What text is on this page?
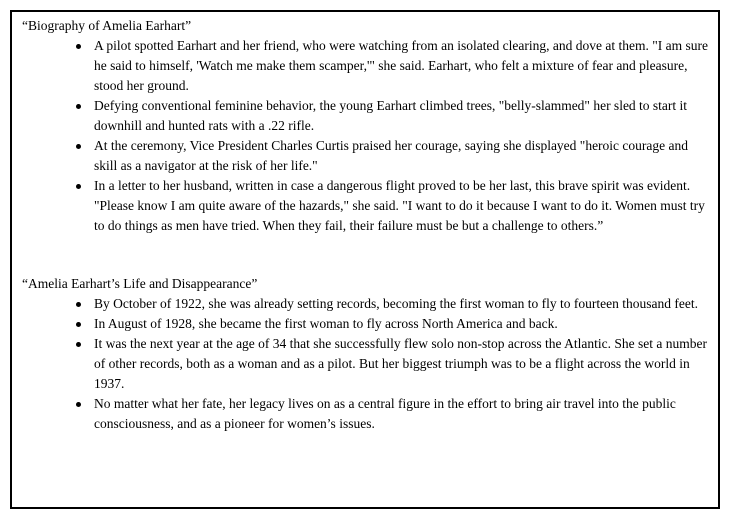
“Biography of Amelia Earhart”

A pilot spotted Earhart and her friend, who were watching from an isolated clearing, and dove at them. "I am sure he said to himself, 'Watch me make them scamper,'" she said. Earhart, who felt a mixture of fear and pleasure, stood her ground.
Defying conventional feminine behavior, the young Earhart climbed trees, "belly-slammed" her sled to start it downhill and hunted rats with a .22 rifle.
At the ceremony, Vice President Charles Curtis praised her courage, saying she displayed "heroic courage and skill as a navigator at the risk of her life."
In a letter to her husband, written in case a dangerous flight proved to be her last, this brave spirit was evident. "Please know I am quite aware of the hazards," she said. "I want to do it because I want to do it. Women must try to do things as men have tried. When they fail, their failure must be but a challenge to others.”

“Amelia Earhart’s Life and Disappearance”

By October of 1922, she was already setting records, becoming the first woman to fly to fourteen thousand feet.
In August of 1928, she became the first woman to fly across North America and back.
It was the next year at the age of 34 that she successfully flew solo non-stop across the Atlantic. She set a number of other records, both as a woman and as a pilot. But her biggest triumph was to be a flight across the world in 1937.
No matter what her fate, her legacy lives on as a central figure in the effort to bring air travel into the public consciousness, and as a pioneer for women’s issues.
